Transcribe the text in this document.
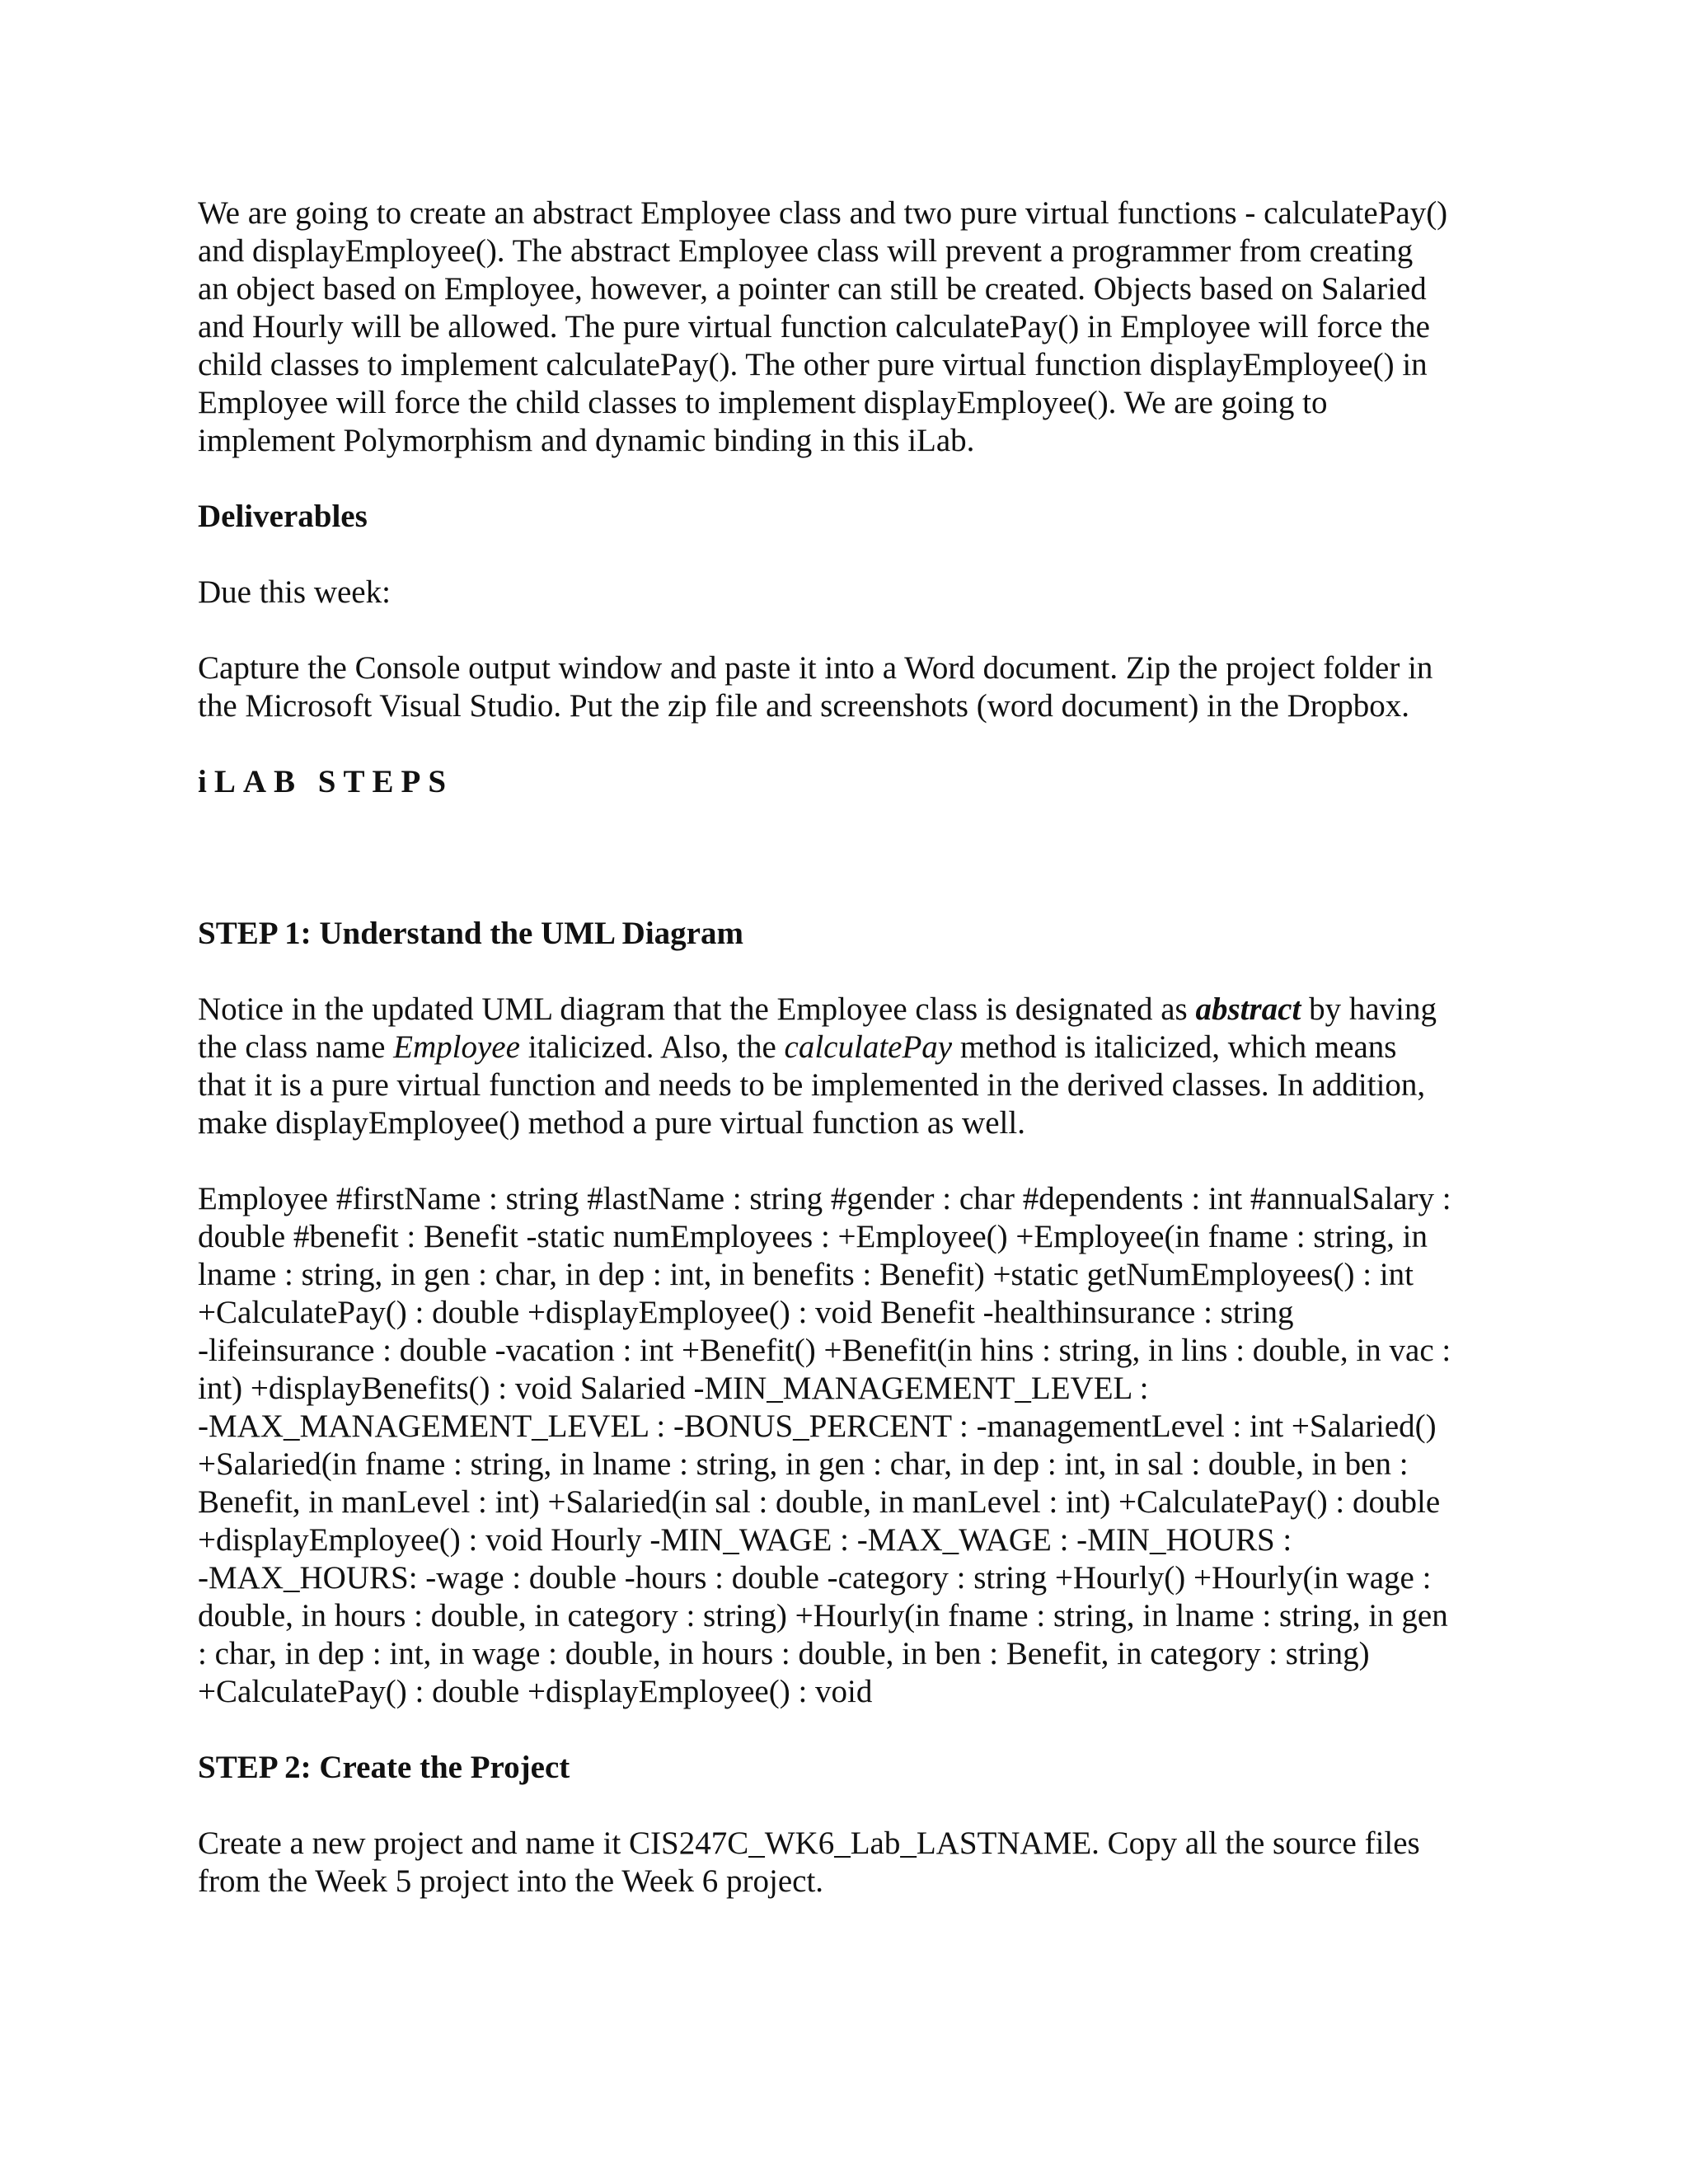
We are going to create an abstract Employee class and two pure virtual functions - calculatePay()
and displayEmployee(). The abstract Employee class will prevent a programmer from creating
an object based on Employee, however, a pointer can still be created. Objects based on Salaried
and Hourly will be allowed. The pure virtual function calculatePay() in Employee will force the
child classes to implement calculatePay(). The other pure virtual function displayEmployee() in
Employee will force the child classes to implement displayEmployee(). We are going to
implement Polymorphism and dynamic binding in this iLab.

Deliverables

Due this week:

Capture the Console output window and paste it into a Word document. Zip the project folder in
the Microsoft Visual Studio. Put the zip file and screenshots (word document) in the Dropbox.

iLAB STEPS

STEP 1: Understand the UML Diagram

Notice in the updated UML diagram that the Employee class is designated as abstract by having
the class name Employee italicized. Also, the calculatePay method is italicized, which means
that it is a pure virtual function and needs to be implemented in the derived classes. In addition,
make displayEmployee() method a pure virtual function as well.

Employee #firstName : string #lastName : string #gender : char #dependents : int #annualSalary :
double #benefit : Benefit -static numEmployees : +Employee() +Employee(in fname : string, in
lname : string, in gen : char, in dep : int, in benefits : Benefit) +static getNumEmployees() : int
+CalculatePay() : double +displayEmployee() : void Benefit -healthinsurance : string
-lifeinsurance : double -vacation : int +Benefit() +Benefit(in hins : string, in lins : double, in vac :
int) +displayBenefits() : void Salaried -MIN_MANAGEMENT_LEVEL :
-MAX_MANAGEMENT_LEVEL : -BONUS_PERCENT : -managementLevel : int +Salaried()
+Salaried(in fname : string, in lname : string, in gen : char, in dep : int, in sal : double, in ben :
Benefit, in manLevel : int) +Salaried(in sal : double, in manLevel : int) +CalculatePay() : double
+displayEmployee() : void Hourly -MIN_WAGE : -MAX_WAGE : -MIN_HOURS :
-MAX_HOURS: -wage : double -hours : double -category : string +Hourly() +Hourly(in wage :
double, in hours : double, in category : string) +Hourly(in fname : string, in lname : string, in gen
: char, in dep : int, in wage : double, in hours : double, in ben : Benefit, in category : string)
+CalculatePay() : double +displayEmployee() : void

STEP 2: Create the Project

Create a new project and name it CIS247C_WK6_Lab_LASTNAME. Copy all the source files
from the Week 5 project into the Week 6 project.
